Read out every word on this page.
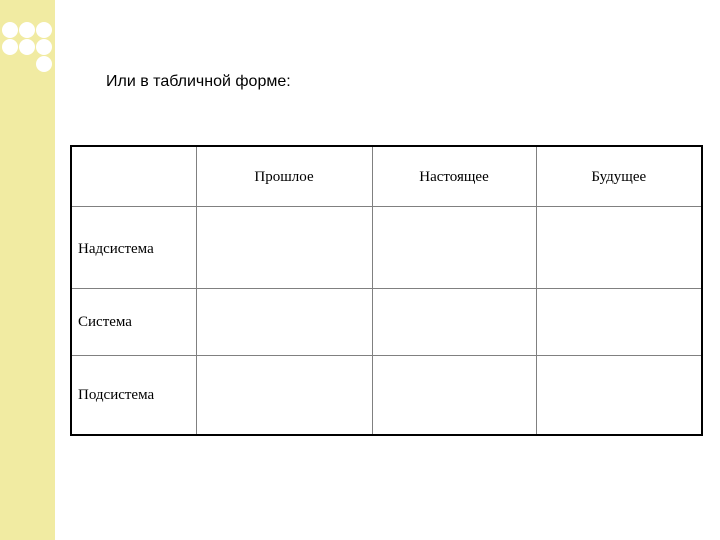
Или в табличной форме:
	Прошлое	Настоящее	Будущее
Надсистема			
Система			
Подсистема			
